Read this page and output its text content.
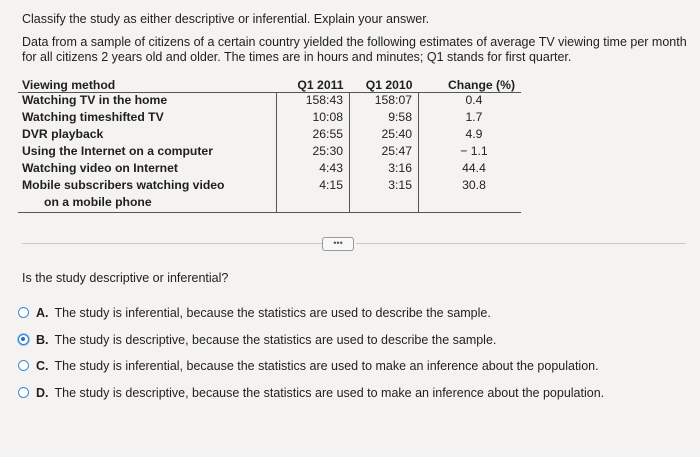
Classify the study as either descriptive or inferential. Explain your answer.
Data from a sample of citizens of a certain country yielded the following estimates of average TV viewing time per month for all citizens 2 years old and older. The times are in hours and minutes; Q1 stands for first quarter.
Viewing method	Q1 2011	Q1 2010	Change (%)
Watching TV in the home	158:43	158:07	0.4
Watching timeshifted TV	10:08	9:58	1.7
DVR playback	26:55	25:40	4.9
Using the Internet on a computer	25:30	25:47	− 1.1
Watching video on Internet	4:43	3:16	44.4
Mobile subscribers watching video	4:15	3:15	30.8
on a mobile phone			
•••
Is the study descriptive or inferential?
A. The study is inferential, because the statistics are used to describe the sample.
B. The study is descriptive, because the statistics are used to describe the sample.
C. The study is inferential, because the statistics are used to make an inference about the population.
D. The study is descriptive, because the statistics are used to make an inference about the population.
